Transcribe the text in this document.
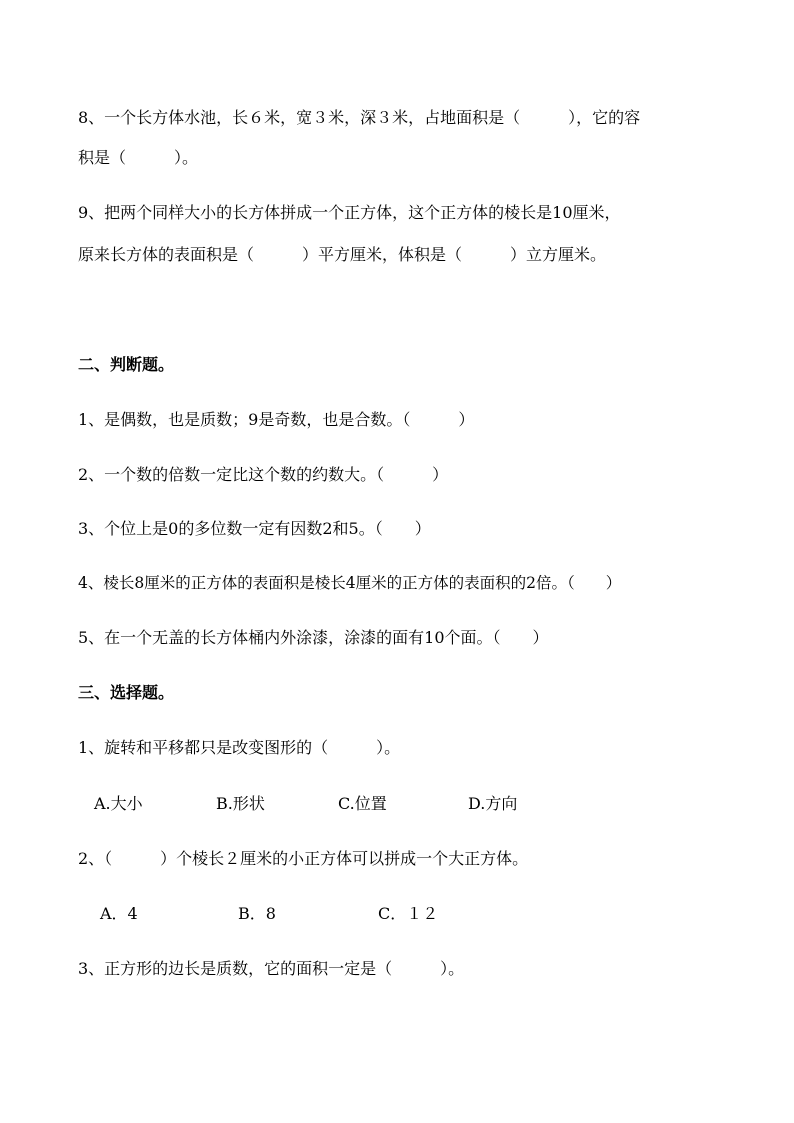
8、一个长方体水池，长６米，宽３米，深３米，占地面积是（　　　），它的容
积是（　　　）。
9、把两个同样大小的长方体拼成一个正方体，这个正方体的棱长是10厘米，
原来长方体的表面积是（　　　）平方厘米，体积是（　　　）立方厘米。
二、判断题。
1、是偶数，也是质数；9是奇数，也是合数。（　　　）
2、一个数的倍数一定比这个数的约数大。（　　　）
3、个位上是0的多位数一定有因数2和5。（　　）
4、棱长8厘米的正方体的表面积是棱长4厘米的正方体的表面积的2倍。（　　）
5、在一个无盖的长方体桶内外涂漆，涂漆的面有10个面。（　　）
三、选择题。
1、旋转和平移都只是改变图形的（　　　）。
A.大小	B.形状	C.位置	D.方向
2、（　　　）个棱长２厘米的小正方体可以拼成一个大正方体。
A．4	B．8	C．１２
3、正方形的边长是质数，它的面积一定是（　　　）。
